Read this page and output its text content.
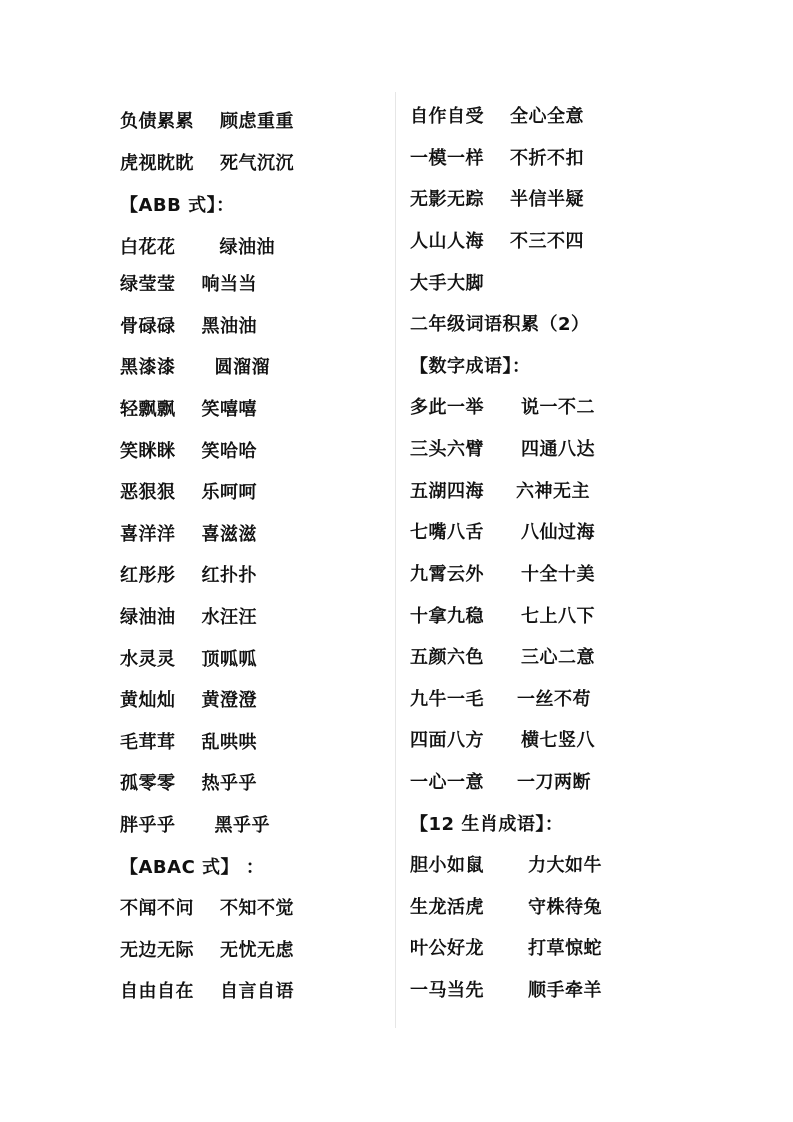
负债累累 顾虑重重
虎视眈眈 死气沉沉
【ABB 式】：
白花花 绿油油
绿莹莹 响当当
骨碌碌 黑油油
黑漆漆 圆溜溜
轻飘飘 笑嘻嘻
笑眯眯 笑哈哈
恶狠狠 乐呵呵
喜洋洋 喜滋滋
红彤彤 红扑扑
绿油油 水汪汪
水灵灵 顶呱呱
黄灿灿 黄澄澄
毛茸茸 乱哄哄
孤零零 热乎乎
胖乎乎 黑乎乎
【ABAC 式】 ：
不闻不问 不知不觉
无边无际 无忧无虑
自由自在 自言自语
自作自受 全心全意
一模一样 不折不扣
无影无踪 半信半疑
人山人海 不三不四
大手大脚
二年级词语积累（2）
【数字成语】：
多此一举 说一不二
三头六臂 四通八达
五湖四海 六神无主
七嘴八舌 八仙过海
九霄云外 十全十美
十拿九稳 七上八下
五颜六色 三心二意
九牛一毛 一丝不苟
四面八方 横七竖八
一心一意 一刀两断
【12 生肖成语】：
胆小如鼠 力大如牛
生龙活虎 守株待兔
叶公好龙 打草惊蛇
一马当先 顺手牵羊
